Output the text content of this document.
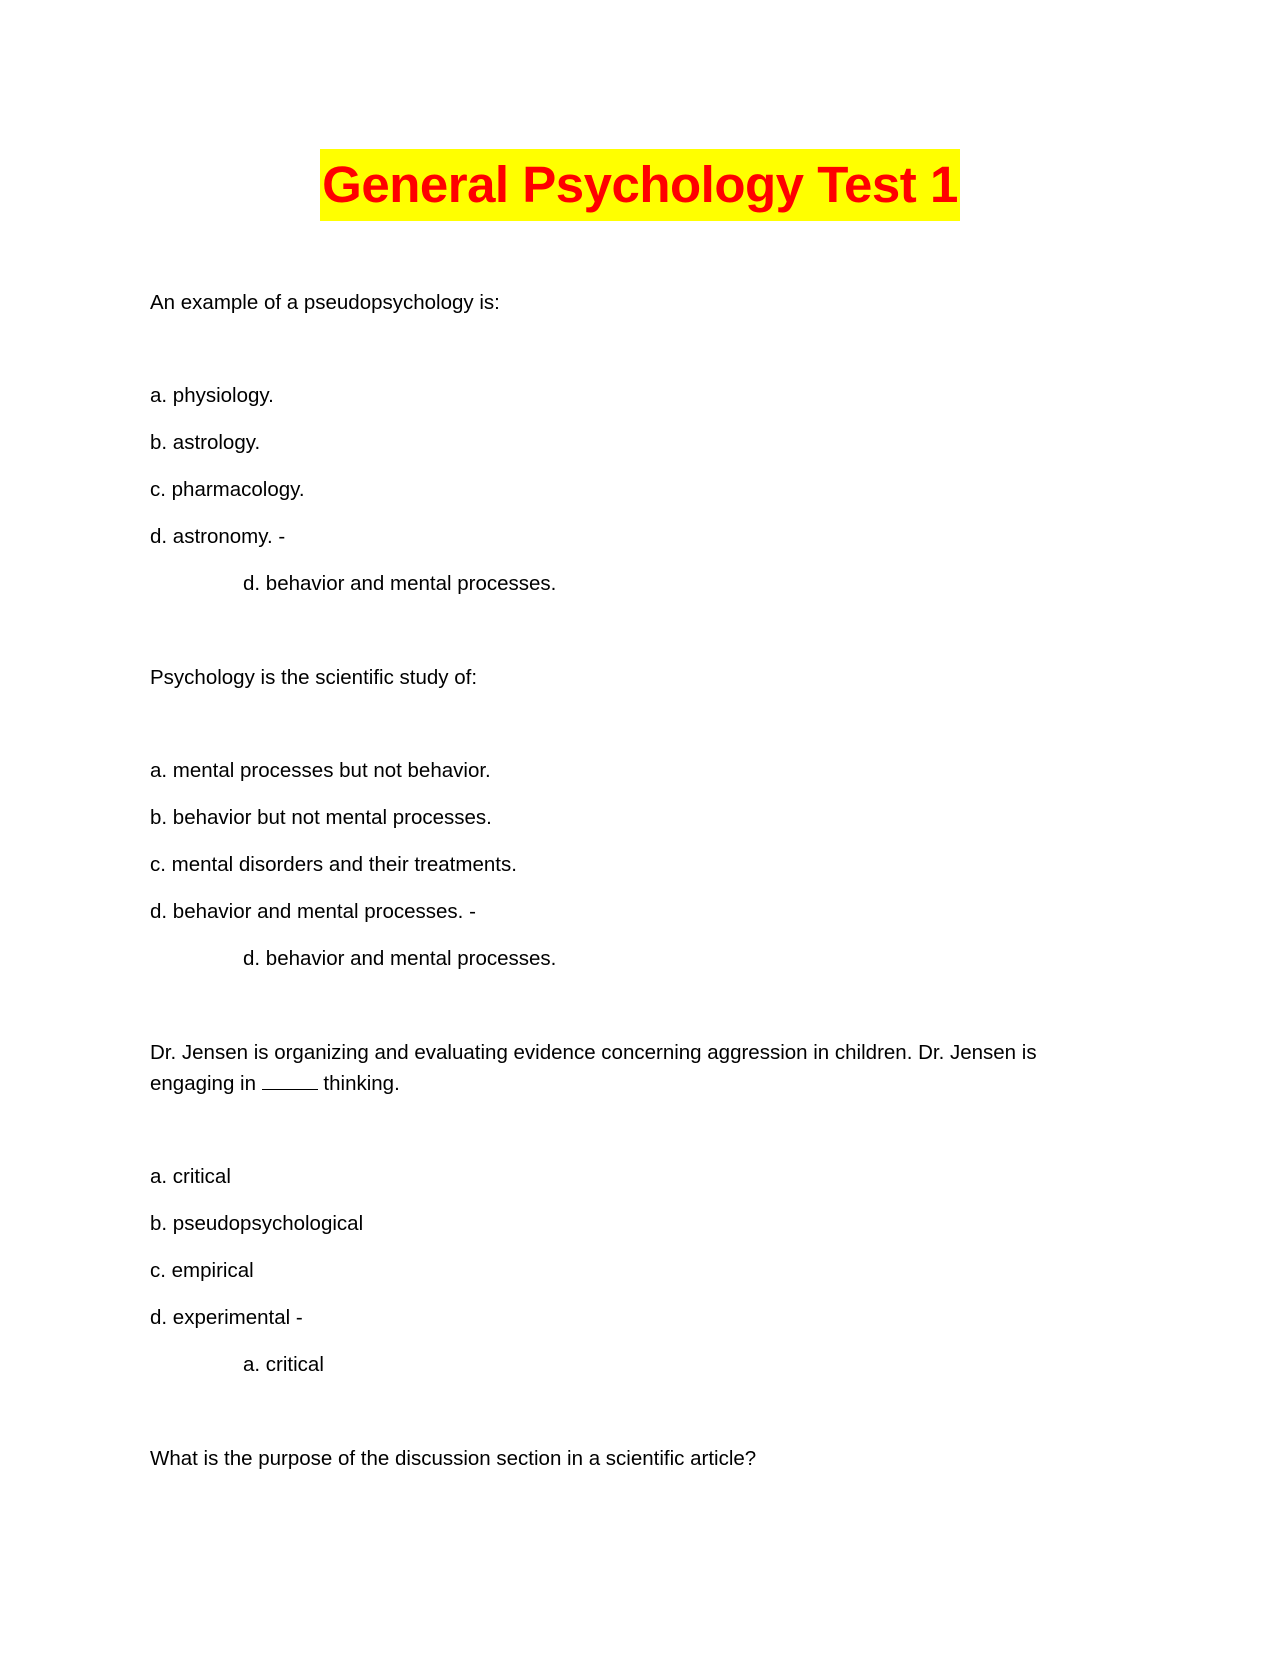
General Psychology Test 1

An example of a pseudopsychology is:

a. physiology.

b. astrology.

c. pharmacology.

d. astronomy. -

d. behavior and mental processes.

Psychology is the scientific study of:

a. mental processes but not behavior.

b. behavior but not mental processes.

c. mental disorders and their treatments.

d. behavior and mental processes. -

d. behavior and mental processes.

Dr. Jensen is organizing and evaluating evidence concerning aggression in children. Dr. Jensen is engaging in	thinking.

a. critical

b. pseudopsychological

c. empirical

d. experimental -

a. critical

What is the purpose of the discussion section in a scientific article?
